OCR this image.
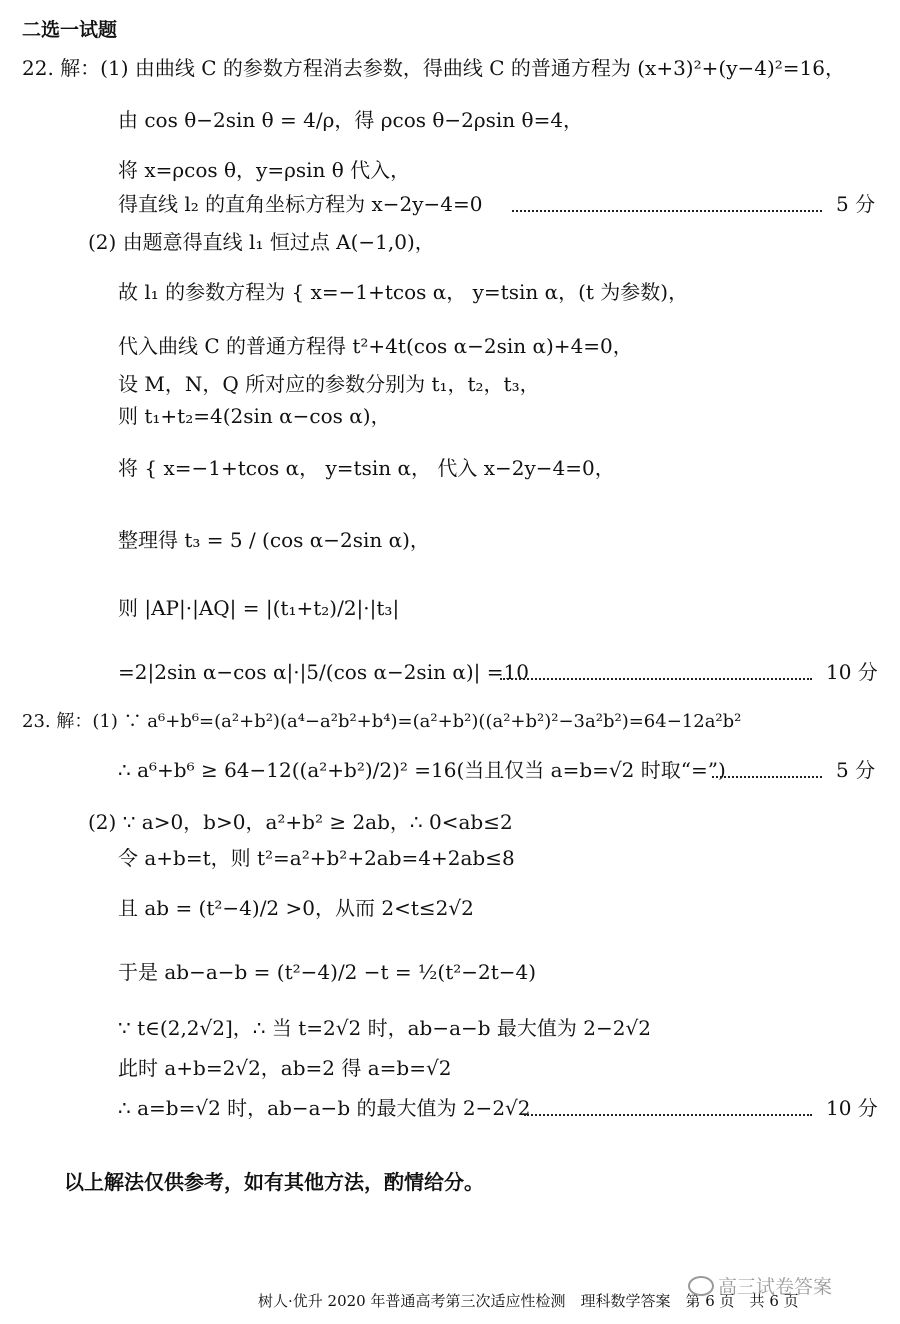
二选一试题
22. 解：(1) 由曲线 C 的参数方程消去参数，得曲线 C 的普通方程为 (x+3)²+(y−4)²=16，
由 cos θ−2sin θ = 4/ρ，得 ρcos θ−2ρsin θ=4，
将 x=ρcos θ，y=ρsin θ 代入，
得直线 l₂ 的直角坐标方程为 x−2y−4=0	5 分
(2) 由题意得直线 l₁ 恒过点 A(−1,0)，
故 l₁ 的参数方程为 { x=−1+tcos α， y=tsin α，(t 为参数)，
代入曲线 C 的普通方程得 t²+4t(cos α−2sin α)+4=0，
设 M，N，Q 所对应的参数分别为 t₁，t₂，t₃，
则 t₁+t₂=4(2sin α−cos α)，
将 { x=−1+tcos α， y=tsin α， 代入 x−2y−4=0，
整理得 t₃ = 5 / (cos α−2sin α)，
则 |AP|·|AQ| = |(t₁+t₂)/2|·|t₃|
=2|2sin α−cos α|·|5/(cos α−2sin α)| =10	10 分
23. 解：(1) ∵ a⁶+b⁶=(a²+b²)(a⁴−a²b²+b⁴)=(a²+b²)((a²+b²)²−3a²b²)=64−12a²b²
∴ a⁶+b⁶ ≥ 64−12((a²+b²)/2)² =16(当且仅当 a=b=√2 时取“=”)	5 分
(2) ∵ a>0，b>0，a²+b² ≥ 2ab，∴ 0<ab≤2
令 a+b=t，则 t²=a²+b²+2ab=4+2ab≤8
且 ab = (t²−4)/2 >0，从而 2<t≤2√2
于是 ab−a−b = (t²−4)/2 −t = ½(t²−2t−4)
∵ t∈(2,2√2]，∴ 当 t=2√2 时，ab−a−b 最大值为 2−2√2
此时 a+b=2√2，ab=2 得 a=b=√2
∴ a=b=√2 时，ab−a−b 的最大值为 2−2√2	10 分
以上解法仅供参考，如有其他方法，酌情给分。
树人·优升 2020 年普通高考第三次适应性检测　理科数学答案　第 6 页　共 6 页
高三试卷答案
